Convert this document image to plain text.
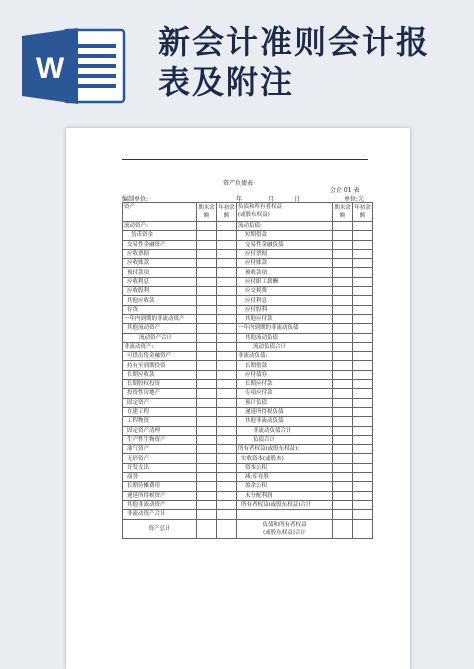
W
新会计准则会计报
表及附注
.
资产负债表
会企 01 表
编制单位:	年	月	日	单位:元
资产	期末余额	年初余额	负债和所有者权益
(或股东权益)	期末余额	年初余额
流动资产:			流动负债:		
货币资金			短期借款		
交易性金融资产			交易性金融负债		
应收票据			应付票据		
应收账款			应付账款		
预付款项			预收款项		
应收利息			应付职工薪酬		
应收股利			应交税费		
其他应收款			应付利息		
存货			应付股利		
一年内到期的非流动资产			其他应付款		
其他流动资产			一年内到期的非流动负债		
流动资产合计			其他流动负债		
非流动资产:			流动负债合计		
可供出售金融资产			非流动负债:		
持有至到期投资			长期借款		
长期应收款			应付债券		
长期股权投资			长期应付款		
投资性房地产			专项应付款		
固定资产			预计负债		
在建工程			递延所得税负债		
工程物资			其他非流动负债		
固定资产清理			非流动负债合计		
生产性生物资产			负债合计		
油气资产			所有者权益(或股东权益):		
无形资产			实收资本(或股本)		
开发支出			资本公积		
商誉			减:库存股		
长期待摊费用			盈余公积		
递延所得税资产			未分配利润		
其他非流动资产			所有者权益(或股东权益)合计		
非流动资产合计					
资产总计			负债和所有者权益
(或股东权益)合计		
